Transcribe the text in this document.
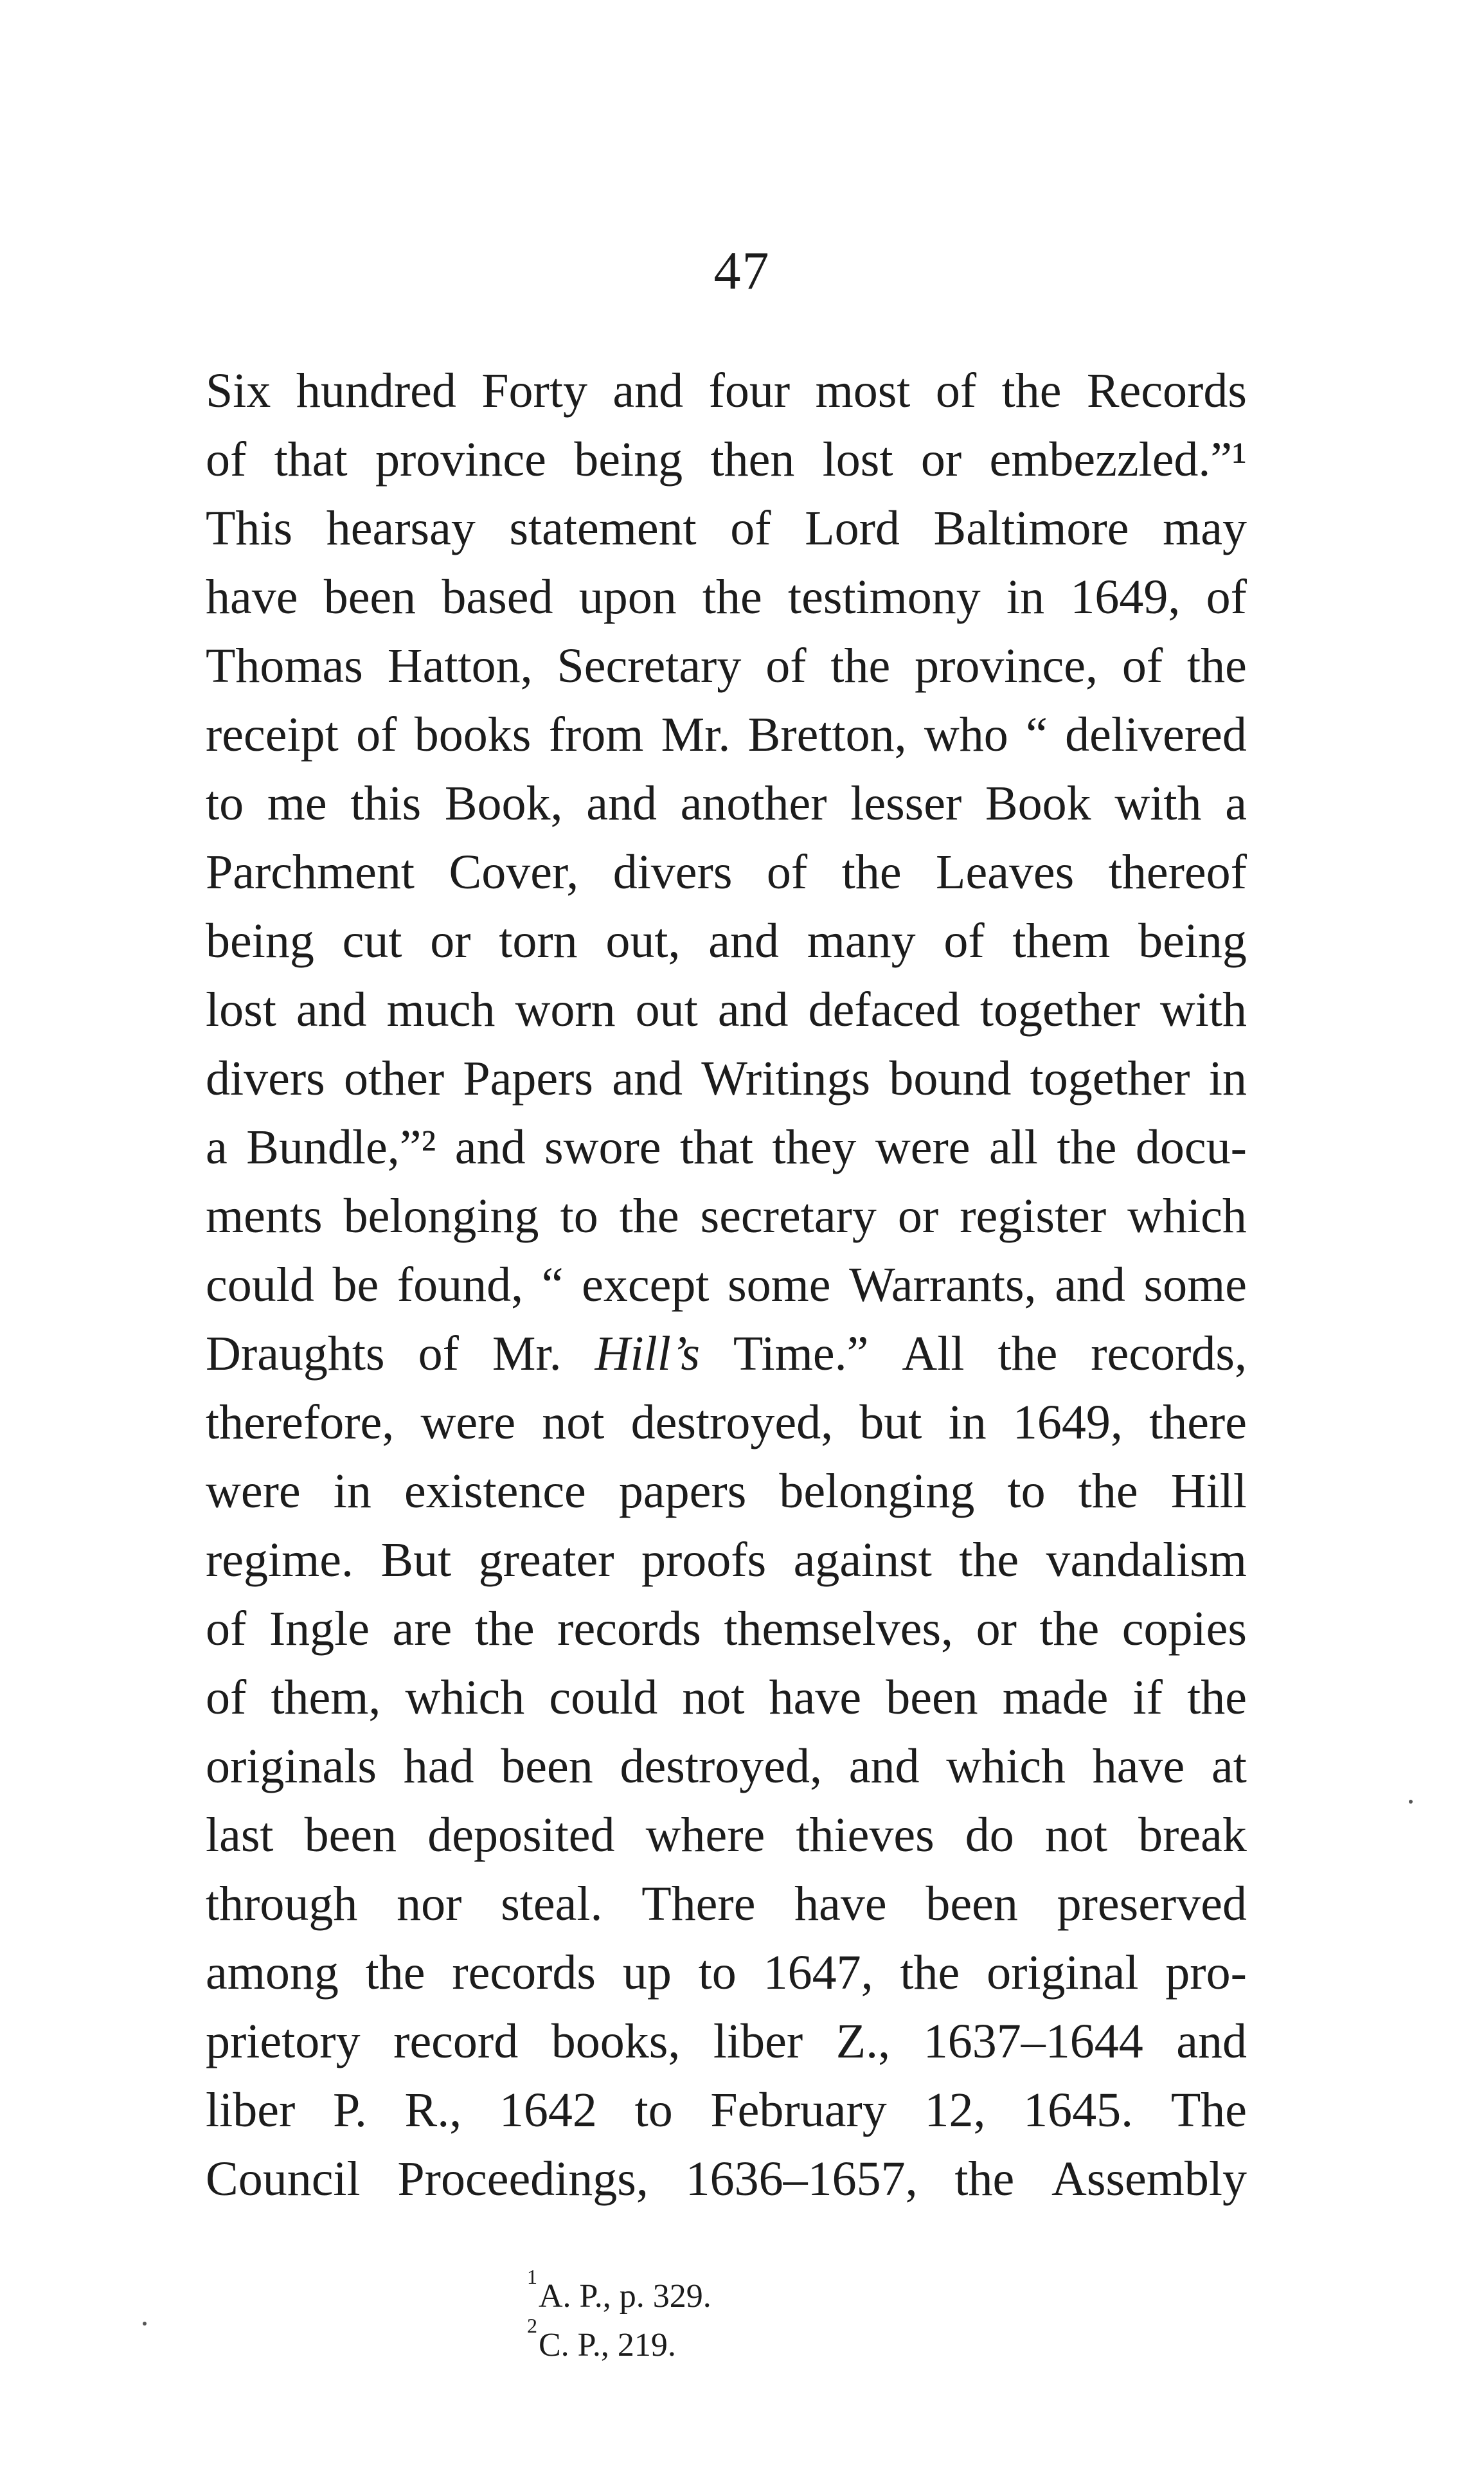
47
Six hundred Forty and four most of the Records
of that province being then lost or embezzled.”¹
This hearsay statement of Lord Baltimore may
have been based upon the testimony in 1649, of
Thomas Hatton, Secretary of the province, of the
receipt of books from Mr. Bretton, who “ delivered
to me this Book, and another lesser Book with a
Parchment Cover, divers of the Leaves thereof
being cut or torn out, and many of them being
lost and much worn out and defaced together with
divers other Papers and Writings bound together in
a Bundle,”² and swore that they were all the docu-
ments belonging to the secretary or register which
could be found, “ except some Warrants, and some
Draughts of Mr. Hill’s Time.” All the records,
therefore, were not destroyed, but in 1649, there
were in existence papers belonging to the Hill
regime. But greater proofs against the vandalism
of Ingle are the records themselves, or the copies
of them, which could not have been made if the
originals had been destroyed, and which have at
last been deposited where thieves do not break
through nor steal. There have been preserved
among the records up to 1647, the original pro-
prietory record books, liber Z., 1637–1644 and
liber P. R., 1642 to February 12, 1645. The
Council Proceedings, 1636–1657, the Assembly
$^1$A. P., p. 329.
$^2$C. P., 219.
